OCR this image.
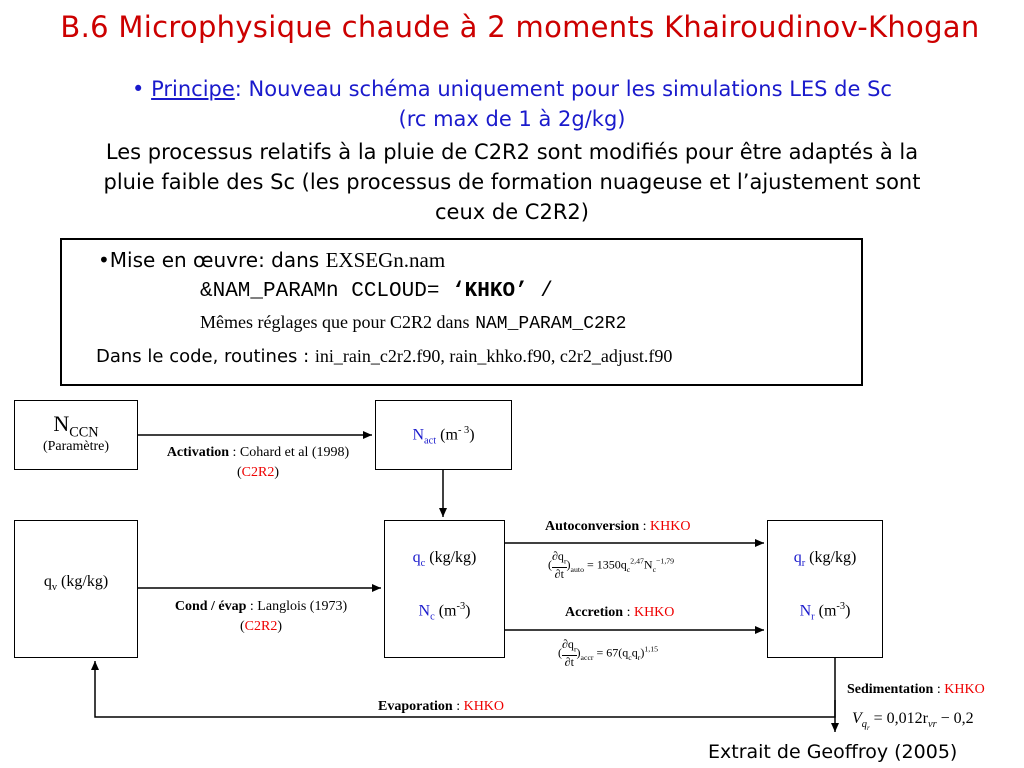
B.6 Microphysique chaude à 2 moments Khairoudinov-Khogan
• Principe: Nouveau schéma uniquement pour les simulations LES de Sc
(rc max de 1 à 2g/kg)
Les processus relatifs à la pluie de C2R2 sont modifiés pour être adaptés à la
pluie faible des Sc (les processus de formation nuageuse et l’ajustement sont
ceux de C2R2)
•Mise en œuvre: dans EXSEGn.nam
&NAM_PARAMn CCLOUD= ‘KHKO’ /
Mêmes réglages que pour C2R2 dans NAM_PARAM_C2R2
Dans le code, routines : ini_rain_c2r2.f90, rain_khko.f90, c2r2_adjust.f90
$N_{CCN}$
(Paramètre)
$N_{act}$ $(m^{- 3})$
$q_v$ (kg/kg)
$q_c$ (kg/kg)
$N_c$ $(m^{-3})$
$q_r$ (kg/kg)
$N_r$ $(m^{-3})$
Activation : Cohard et al (1998)
(C2R2)
Cond / évap : Langlois (1973)
(C2R2)
Autoconversion : KHKO
Accretion : KHKO
Evaporation : KHKO
Sedimentation : KHKO
( $\frac{\partial q_r}{\partial t} )_{auto} = 1350q_c^{2,47}N_c^{-1,79}$
( $\frac{\partial q_r}{\partial t} )_{accr} = 67(q_cq_r)^{1,15}$
$V_{q_r} = 0,012r_{vr} - 0,2$
Extrait de Geoffroy (2005)
